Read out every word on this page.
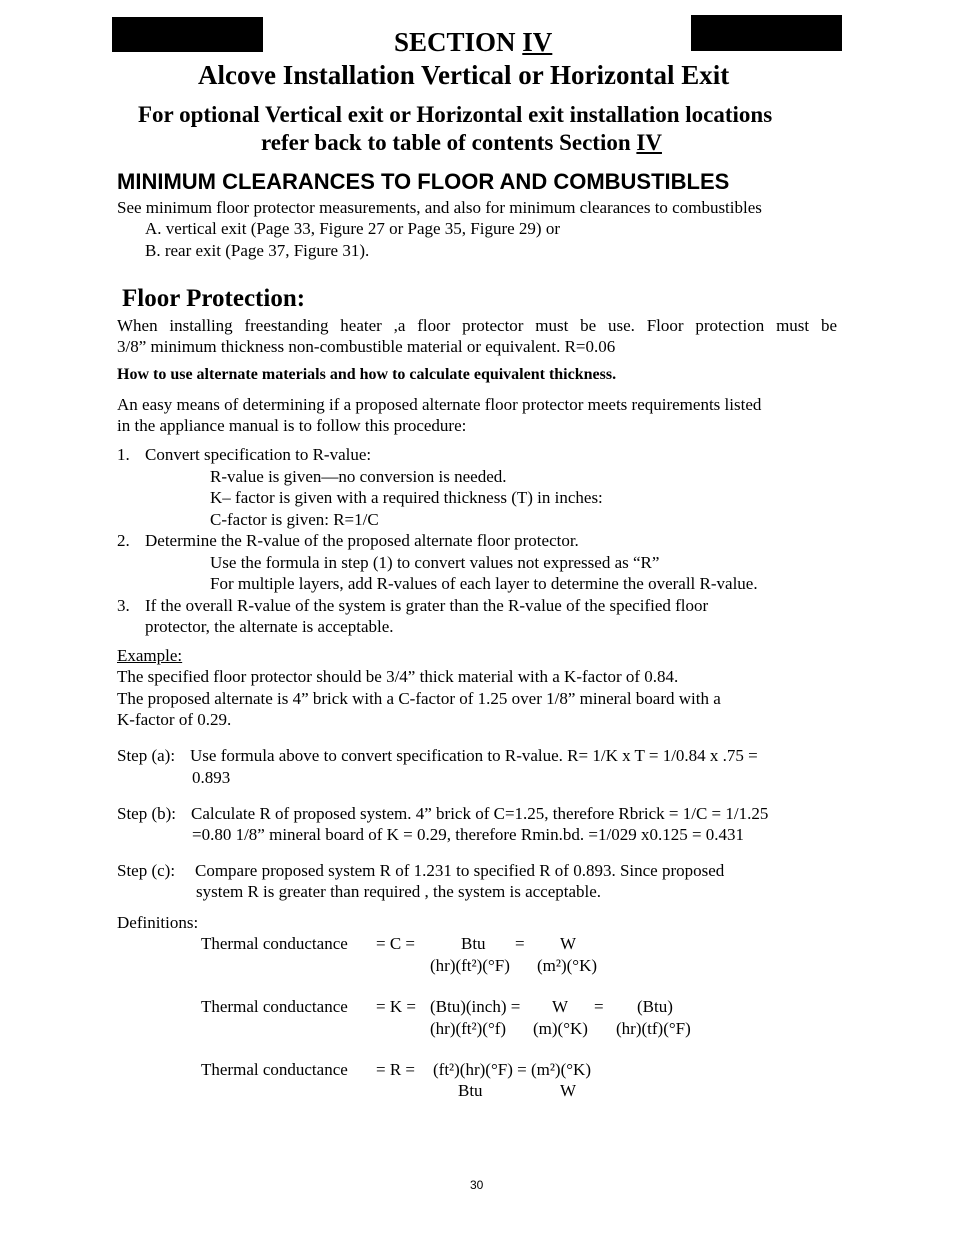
SECTION IV
Alcove Installation Vertical or Horizontal Exit
For optional Vertical exit or Horizontal exit installation locations
refer back to table of contents Section IV
MINIMUM CLEARANCES TO FLOOR AND COMBUSTIBLES
See minimum floor protector measurements, and also for minimum clearances to combustibles
A. vertical exit (Page 33, Figure 27 or Page 35, Figure 29) or
B. rear exit (Page 37, Figure 31).
Floor Protection:
When installing freestanding heater ,a floor protector must be use. Floor protection must be
3/8” minimum thickness non-combustible material or equivalent. R=0.06
How to use alternate materials and how to calculate equivalent thickness.
An easy means of determining if a proposed alternate floor protector meets requirements listed
in the appliance manual is to follow this procedure:
1. Convert specification to R-value:
R-value is given—no conversion is needed.
K– factor is given with a required thickness (T) in inches:
C-factor is given: R=1/C
2. Determine the R-value of the proposed alternate floor protector.
Use the formula in step (1) to convert values not expressed as “R”
For multiple layers, add R-values of each layer to determine the overall R-value.
3. If the overall R-value of the system is grater than the R-value of the specified floor
protector, the alternate is acceptable.
Example:
The specified floor protector should be 3/4” thick material with a K-factor of 0.84.
The proposed alternate is 4” brick with a C-factor of 1.25 over 1/8” mineral board with a
K-factor of 0.29.
Step (a): Use formula above to convert specification to R-value. R= 1/K x T = 1/0.84 x .75 =
0.893
Step (b): Calculate R of proposed system. 4” brick of C=1.25, therefore Rbrick = 1/C = 1/1.25
=0.80 1/8” mineral board of K = 0.29, therefore Rmin.bd. =1/029 x0.125 = 0.431
Step (c): Compare proposed system R of 1.231 to specified R of 0.893. Since proposed
system R is greater than required , the system is acceptable.
Definitions:
Thermal conductance = C =	Btu = W
(hr)(ft²)(°F) (m²)(°K)
Thermal conductance = K = (Btu)(inch) = W = (Btu)
(hr)(ft²)(°f) (m)(°K) (hr)(tf)(°F)
Thermal conductance = R = (ft²)(hr)(°F) = (m²)(°K)
Btu	W
30
